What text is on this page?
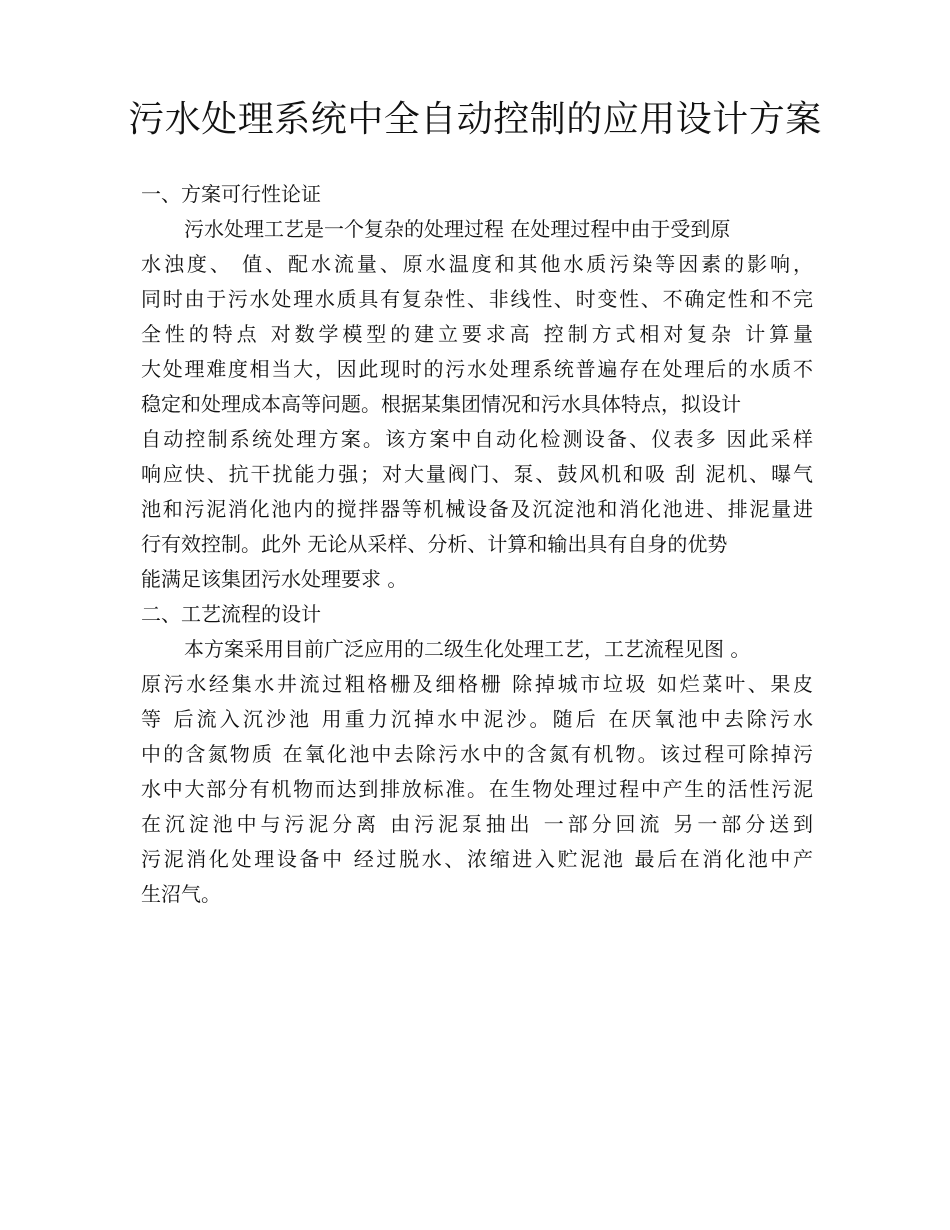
污水处理系统中全自动控制的应用设计方案
一、方案可行性论证
污水处理工艺是一个复杂的处理过程 在处理过程中由于受到原
水浊度、 值、配水流量、原水温度和其他水质污染等因素的影响，
同时由于污水处理水质具有复杂性、非线性、时变性、不确定性和不完
全性的特点 对数学模型的建立要求高 控制方式相对复杂 计算量
大处理难度相当大，因此现时的污水处理系统普遍存在处理后的水质不
稳定和处理成本高等问题。根据某集团情况和污水具体特点，拟设计
自动控制系统处理方案。该方案中自动化检测设备、仪表多 因此采样
响应快、抗干扰能力强；对大量阀门、泵、鼓风机和吸 刮 泥机、曝气
池和污泥消化池内的搅拌器等机械设备及沉淀池和消化池进、排泥量进
行有效控制。此外 无论从采样、分析、计算和输出具有自身的优势
能满足该集团污水处理要求 。
二、工艺流程的设计
本方案采用目前广泛应用的二级生化处理工艺，工艺流程见图 。
原污水经集水井流过粗格栅及细格栅 除掉城市垃圾 如烂菜叶、果皮
等 后流入沉沙池 用重力沉掉水中泥沙。随后 在厌氧池中去除污水
中的含氮物质 在氧化池中去除污水中的含氮有机物。该过程可除掉污
水中大部分有机物而达到排放标准。在生物处理过程中产生的活性污泥
在沉淀池中与污泥分离 由污泥泵抽出 一部分回流 另一部分送到
污泥消化处理设备中 经过脱水、浓缩进入贮泥池 最后在消化池中产
生沼气。
